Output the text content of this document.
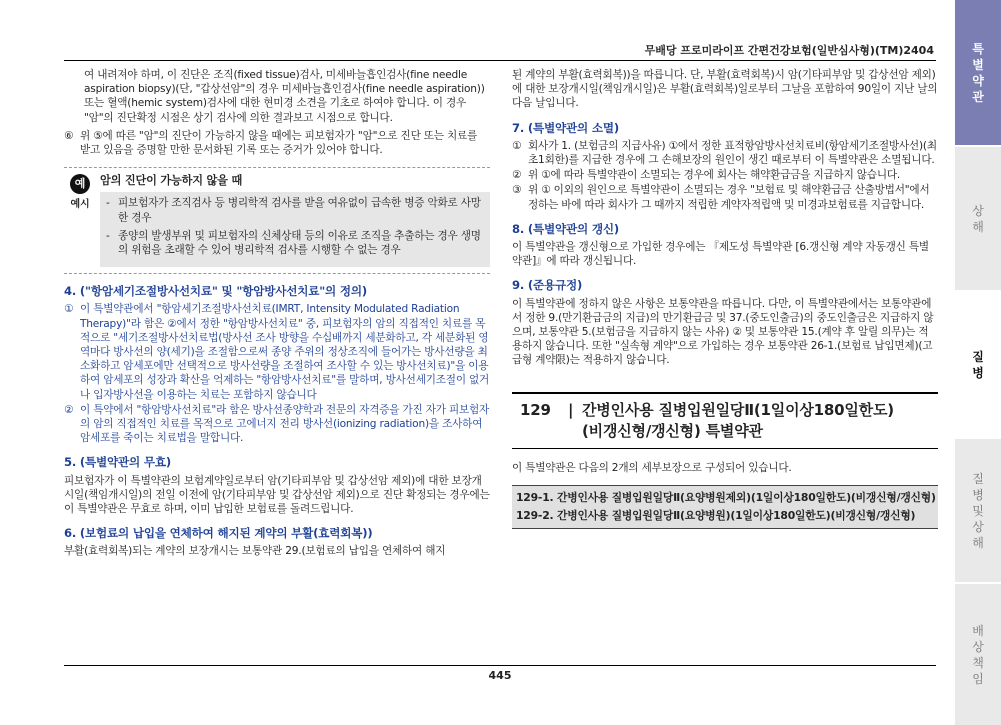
무배당 프로미라이프 간편건강보험(일반심사형)(TM)2404

여 내려져야 하며, 이 진단은 조직(fixed tissue)검사, 미세바늘흡인검사(fine needle aspiration biopsy)(단, "갑상선암"의 경우 미세바늘흡인검사(fine needle aspiration)) 또는 혈액(hemic system)검사에 대한 현미경 소견을 기초로 하여야 합니다. 이 경우 "암"의 진단확정 시점은 상기 검사에 의한 결과보고 시점으로 합니다.

⑥ 위 ⑤에 따른 "암"의 진단이 가능하지 않을 때에는 피보험자가 "암"으로 진단 또는 치료를 받고 있음을 증명할 만한 문서화된 기록 또는 증거가 있어야 합니다.
예
예시
암의 진단이 가능하지 않을 때
- 피보험자가 조직검사 등 병리학적 검사를 받을 여유없이 급속한 병증 악화로 사망한 경우
- 종양의 발생부위 및 피보험자의 신체상태 등의 이유로 조직을 추출하는 경우 생명의 위험을 초래할 수 있어 병리학적 검사를 시행할 수 없는 경우
4. ("항암세기조절방사선치료" 및 "항암방사선치료"의 정의)
① 이 특별약관에서 "항암세기조절방사선치료(IMRT, Intensity Modulated Radiation Therapy)"라 함은 ②에서 정한 "항암방사선치료" 중, 피보험자의 암의 직접적인 치료를 목적으로 "세기조절방사선치료법(방사선 조사 방향을 수십배까지 세분화하고, 각 세분화된 영역마다 방사선의 양(세기)을 조절함으로써 종양 주위의 정상조직에 들어가는 방사선량을 최소화하고 암세포에만 선택적으로 방사선량을 조절하여 조사할 수 있는 방사선치료)"을 이용하여 암세포의 성장과 확산을 억제하는 "항암방사선치료"를 말하며, 방사선세기조절이 없거나 입자방사선을 이용하는 치료는 포함하지 않습니다
② 이 특약에서 "항암방사선치료"라 함은 방사선종양학과 전문의 자격증을 가진 자가 피보험자의 암의 직접적인 치료를 목적으로 고에너지 전리 방사선(ionizing radiation)을 조사하여 암세포를 죽이는 치료법을 말합니다.
5. (특별약관의 무효)

피보험자가 이 특별약관의 보험계약일로부터 암(기타피부암 및 갑상선암 제외)에 대한 보장개시일(책임개시일)의 전일 이전에 암(기타피부암 및 갑상선암 제외)으로 진단 확정되는 경우에는 이 특별약관은 무효로 하며, 이미 납입한 보험료를 돌려드립니다.

6. (보험료의 납입을 연체하여 해지된 계약의 부활(효력회복))

부활(효력회복)되는 계약의 보장개시는 보통약관 29.(보험료의 납입을 연체하여 해지

된 계약의 부활(효력회복))을 따릅니다. 단, 부활(효력회복)시 암(기타피부암 및 갑상선암 제외)에 대한 보장개시일(책임개시일)은 부활(효력회복)일로부터 그날을 포함하여 90일이 지난 날의 다음 날입니다.

7. (특별약관의 소멸)
① 회사가 1. (보험금의 지급사유) ①에서 정한 표적항암방사선치료비(항암세기조절방사선)(최초1회한)를 지급한 경우에 그 손해보장의 원인이 생긴 때로부터 이 특별약관은 소멸됩니다.
② 위 ①에 따라 특별약관이 소멸되는 경우에 회사는 해약환급금을 지급하지 않습니다.
③ 위 ① 이외의 원인으로 특별약관이 소멸되는 경우 "보험료 및 해약환급금 산출방법서"에서 정하는 바에 따라 회사가 그 때까지 적립한 계약자적립액 및 미경과보험료를 지급합니다.
8. (특별약관의 갱신)

이 특별약관을 갱신형으로 가입한 경우에는 『제도성 특별약관 [6.갱신형 계약 자동갱신 특별약관]』에 따라 갱신됩니다.

9. (준용규정)

이 특별약관에 정하지 않은 사항은 보통약관을 따릅니다. 다만, 이 특별약관에서는 보통약관에서 정한 9.(만기환급금의 지급)의 만기환급금 및 37.(중도인출금)의 중도인출금은 지급하지 않으며, 보통약관 5.(보험금을 지급하지 않는 사유) ② 및 보통약관 15.(계약 후 알릴 의무)는 적용하지 않습니다. 또한 "실속형 계약"으로 가입하는 경우 보통약관 26-1.(보험료 납입면제)(고급형 계약限)는 적용하지 않습니다.

129	| 간병인사용 질병입원일당Ⅱ(1일이상180일한도)
(비갱신형/갱신형) 특별약관

이 특별약관은 다음의 2개의 세부보장으로 구성되어 있습니다.

129-1. 간병인사용 질병입원일당Ⅱ(요양병원제외)(1일이상180일한도)(비갱신형/갱신형)
129-2. 간병인사용 질병입원일당Ⅱ(요양병원)(1일이상180일한도)(비갱신형/갱신형)
445
특
별
약
관
상
해
질
병
질
병
및
상
해
배
상
책
임
